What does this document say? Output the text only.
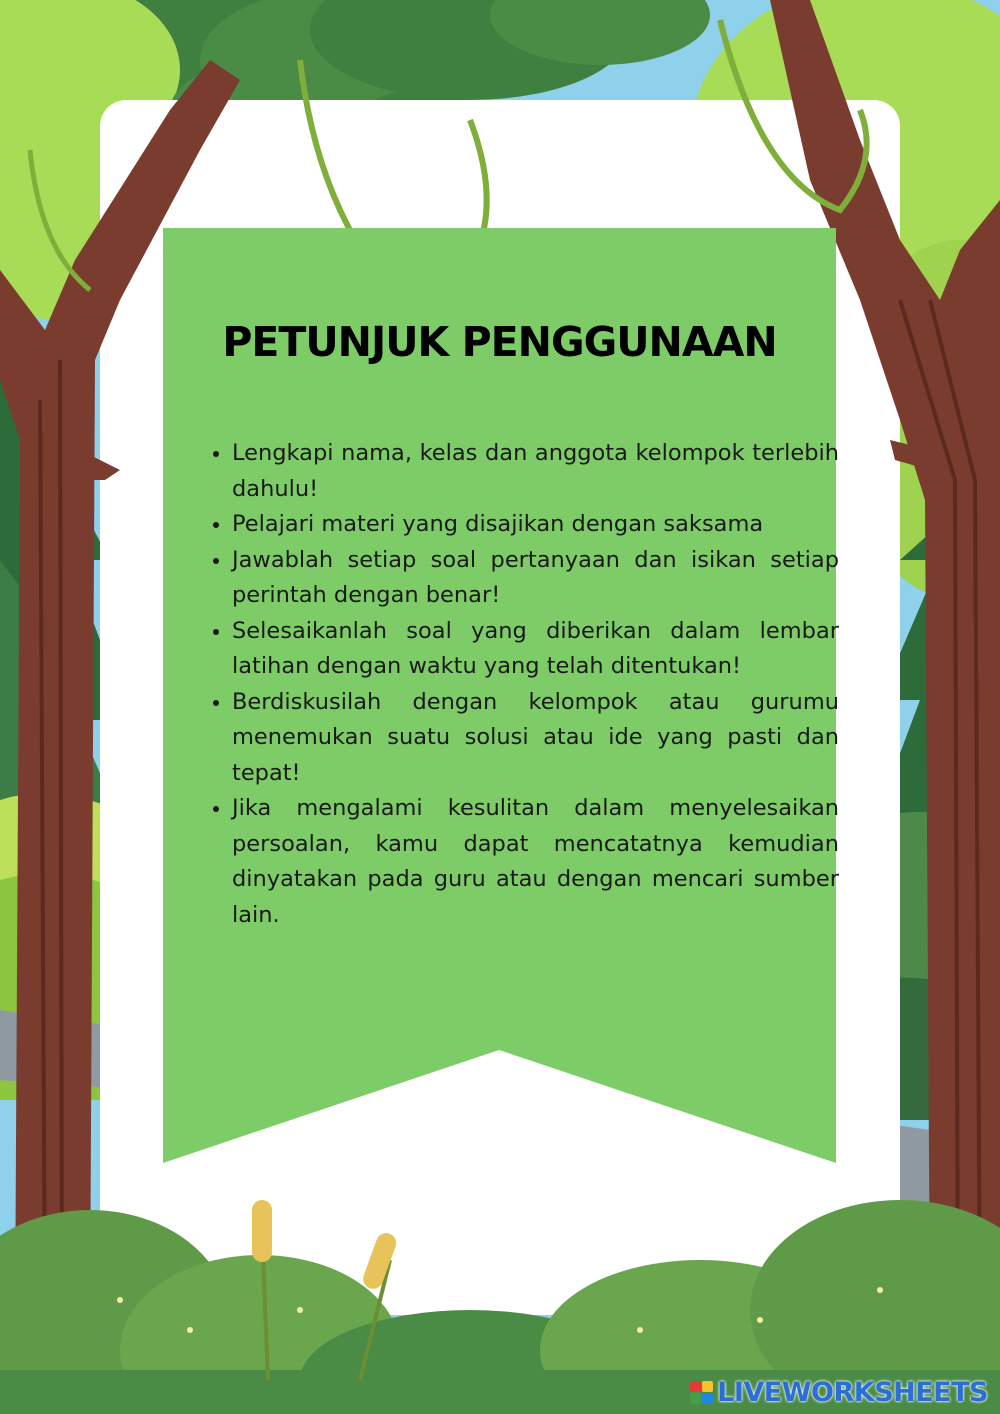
PETUNJUK PENGGUNAAN
• Lengkapi nama, kelas dan anggota kelompok terlebih dahulu!
• Pelajari materi yang disajikan dengan saksama
• Jawablah setiap soal pertanyaan dan isikan setiap perintah dengan benar!
• Selesaikanlah soal yang diberikan dalam lembar latihan dengan waktu yang telah ditentukan!
• Berdiskusilah dengan kelompok atau gurumu menemukan suatu solusi atau ide yang pasti dan tepat!
• Jika mengalami kesulitan dalam menyelesaikan persoalan, kamu dapat mencatatnya kemudian dinyatakan pada guru atau dengan mencari sumber lain.
LIVEWORKSHEETS
